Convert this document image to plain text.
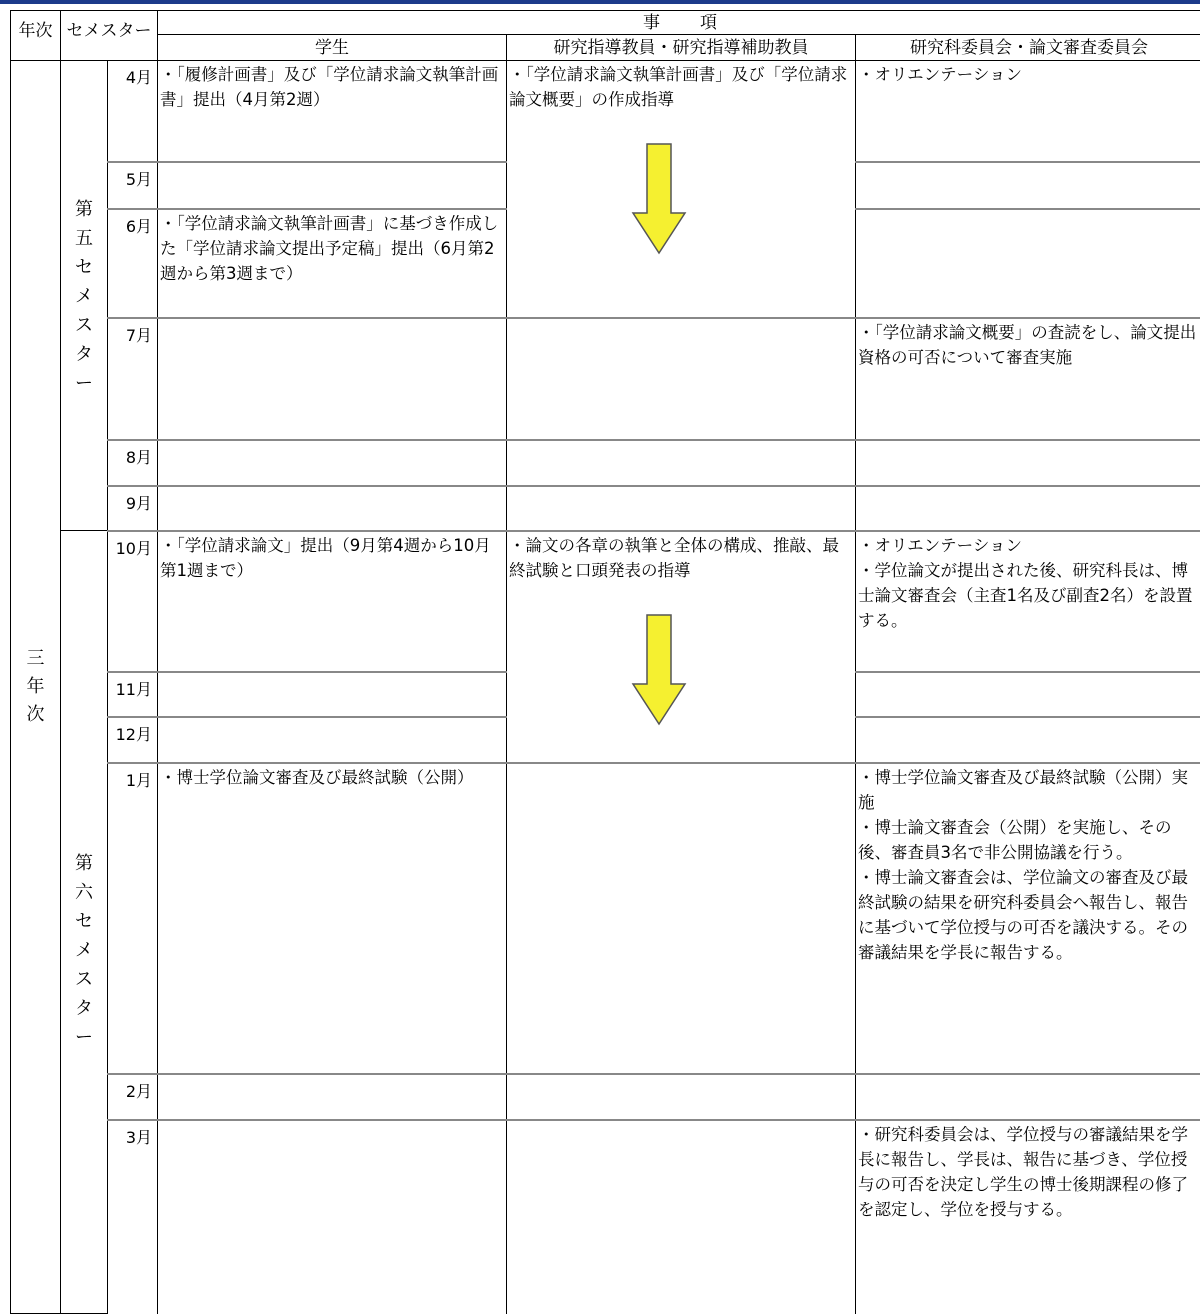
年次	セメスター		事 項		
			学生	研究指導教員・研究指導補助教員	研究科委員会・論文審査委員会

三年次	第五セメスター	4月	・「履修計画書」及び「学位請求論文執筆計画書」提出（4月第2週）	・「学位請求論文執筆計画書」及び「学位請求論文概要」の作成指導	・オリエンテーション
		5月			
		6月	・「学位請求論文執筆計画書」に基づき作成した「学位請求論文提出予定稿」提出（6月第2週から第3週まで）		
		7月			・「学位請求論文概要」の査読をし、論文提出資格の可否について審査実施
		8月			
		9月			

	第六セメスター	10月	・「学位請求論文」提出（9月第4週から10月第1週まで）	・論文の各章の執筆と全体の構成、推敲、最終試験と口頭発表の指導	・オリエンテーション
・学位論文が提出された後、研究科長は、博士論文審査会（主査1名及び副査2名）を設置する。
		11月			
		12月			
		1月	・博士学位論文審査及び最終試験（公開）		・博士学位論文審査及び最終試験（公開）実施
・博士論文審査会（公開）を実施し、その後、審査員3名で非公開協議を行う。
・博士論文審査会は、学位論文の審査及び最終試験の結果を研究科委員会へ報告し、報告に基づいて学位授与の可否を議決する。その審議結果を学長に報告する。
		2月			
		3月			・研究科委員会は、学位授与の審議結果を学長に報告し、学長は、報告に基づき、学位授与の可否を決定し学生の博士後期課程の修了を認定し、学位を授与する。
